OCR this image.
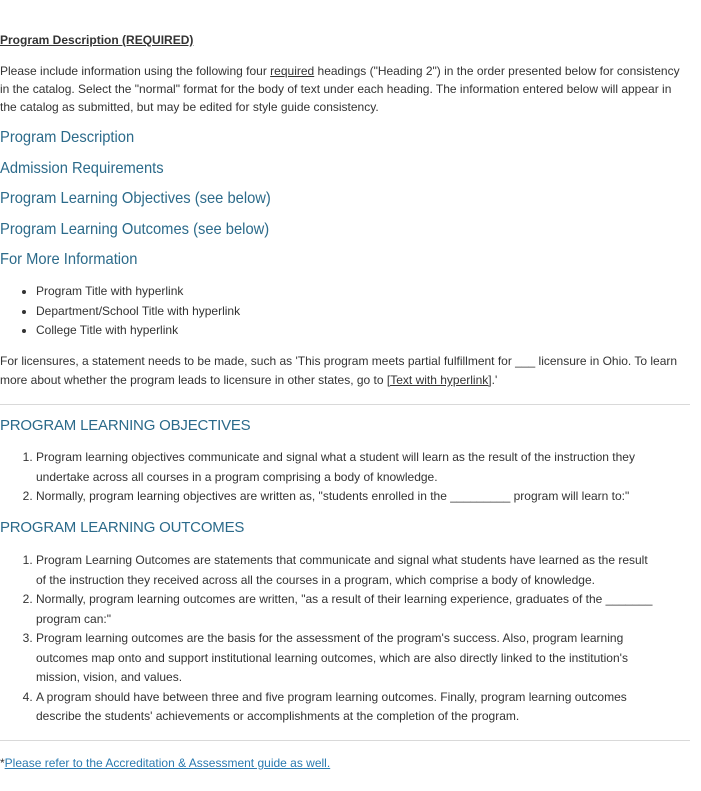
Program Description (REQUIRED)

Please include information using the following four required headings ("Heading 2") in the order presented below for consistency in the catalog. Select the "normal" format for the body of text under each heading. The information entered below will appear in the catalog as submitted, but may be edited for style guide consistency.

Program Description
Admission Requirements
Program Learning Objectives (see below)
Program Learning Outcomes (see below)
For More Information
• Program Title with hyperlink
• Department/School Title with hyperlink
• College Title with hyperlink

For licensures, a statement needs to be made, such as 'This program meets partial fulfillment for ___ licensure in Ohio. To learn more about whether the program leads to licensure in other states, go to [Text with hyperlink].'

PROGRAM LEARNING OBJECTIVES
1. Program learning objectives communicate and signal what a student will learn as the result of the instruction they undertake across all courses in a program comprising a body of knowledge.
2. Normally, program learning objectives are written as, "students enrolled in the _________ program will learn to:"
PROGRAM LEARNING OUTCOMES
1. Program Learning Outcomes are statements that communicate and signal what students have learned as the result of the instruction they received across all the courses in a program, which comprise a body of knowledge.
2. Normally, program learning outcomes are written, "as a result of their learning experience, graduates of the _______ program can:"
3. Program learning outcomes are the basis for the assessment of the program's success. Also, program learning outcomes map onto and support institutional learning outcomes, which are also directly linked to the institution's mission, vision, and values.
4. A program should have between three and five program learning outcomes. Finally, program learning outcomes describe the students' achievements or accomplishments at the completion of the program.

*Please refer to the Accreditation & Assessment guide as well.
